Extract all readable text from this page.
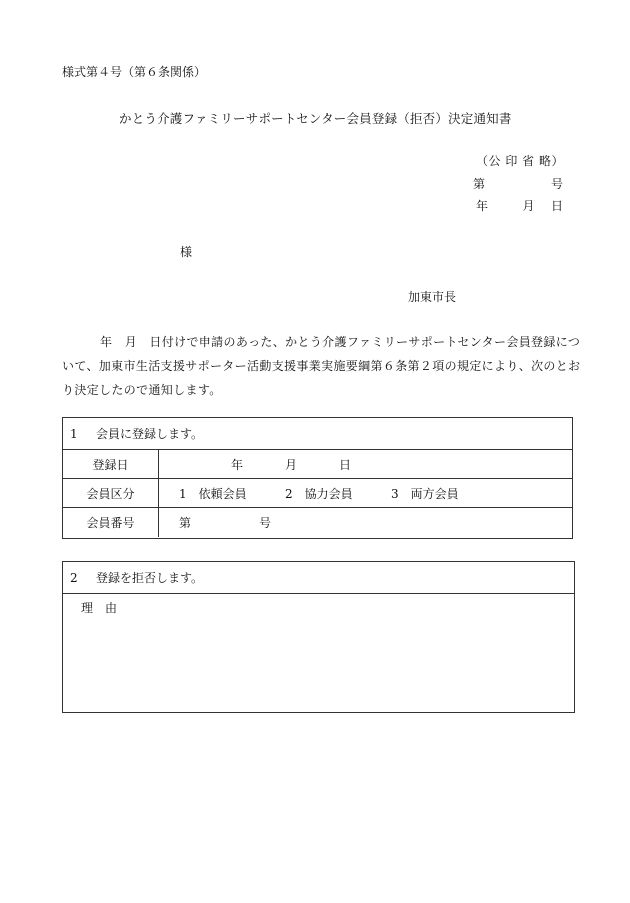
様式第４号（第６条関係）
かとう介護ファミリーサポートセンター会員登録（拒否）決定通知書
（公 印 省 略）
第	号
年	月 日
様
加東市長
年　月　日付けで申請のあった、かとう介護ファミリーサポートセンター会員登録について、加東市生活支援サポーター活動支援事業実施要綱第６条第２項の規定により、次のとおり決定したので通知します。
1	会員に登録します。
登録日	年	月	日
会員区分	1　依頼会員	2　協力会員	3　両方会員
会員番号	第	号
2	登録を拒否します。
理　由
